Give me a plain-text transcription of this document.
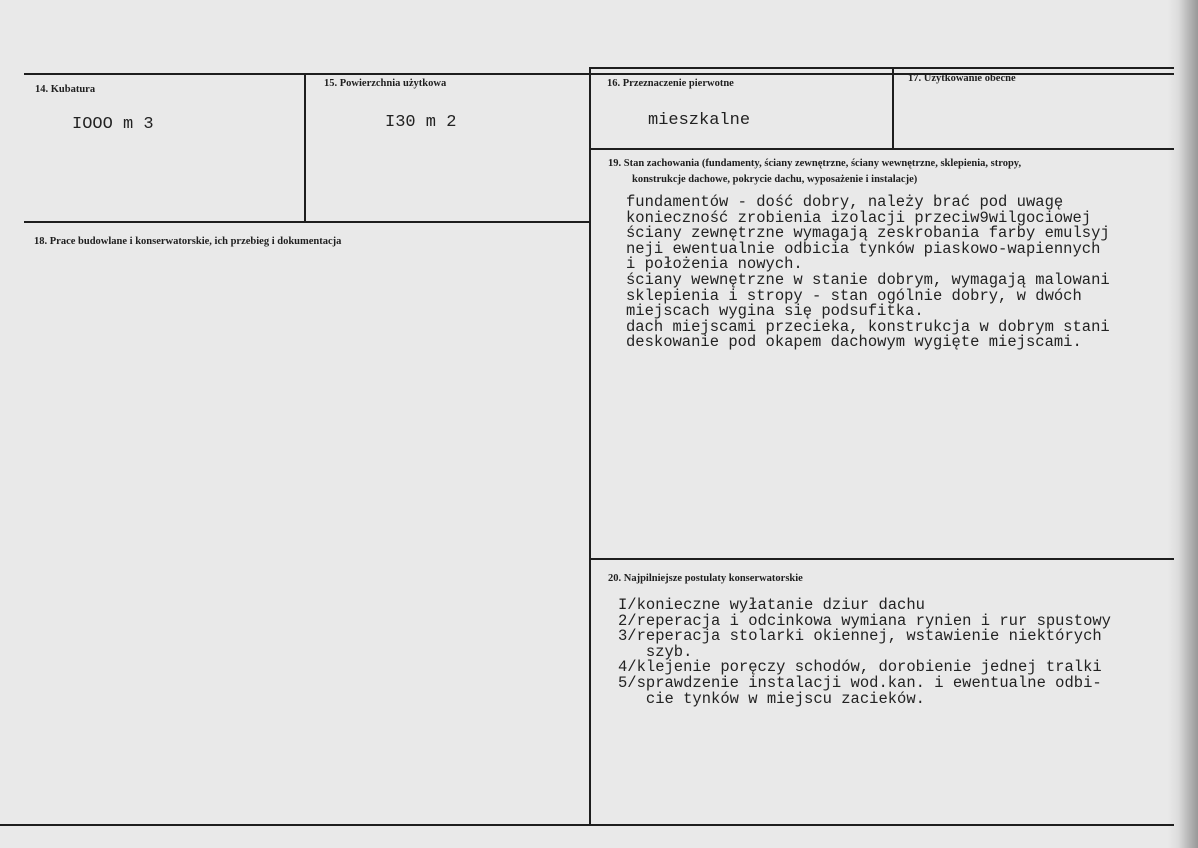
14. Kubatura
IOOO m 3
15. Powierzchnia użytkowa
I30 m 2
16. Przeznaczenie pierwotne
mieszkalne
17. Użytkowanie obecne
18. Prace budowlane i konserwatorskie, ich przebieg i dokumentacja
19. Stan zachowania (fundamenty, ściany zewnętrzne, ściany wewnętrzne, sklepienia, stropy,
konstrukcje dachowe, pokrycie dachu, wyposażenie i instalacje)
fundamentów - dość dobry, należy brać pod uwagę
konieczność zrobienia izolacji przeciw9wilgociowej
ściany zewnętrzne wymagają zeskrobania farby emulsyj
neji ewentualnie odbicia tynków piaskowo-wapiennych
i położenia nowych.
ściany wewnętrzne w stanie dobrym, wymagają malowani
sklepienia i stropy - stan ogólnie dobry, w dwóch
miejscach wygina się podsufitka.
dach miejscami przecieka, konstrukcja w dobrym stani
deskowanie pod okapem dachowym wygięte miejscami.
20. Najpilniejsze postulaty konserwatorskie
I/konieczne wyłatanie dziur dachu
2/reperacja i odcinkowa wymiana rynien i rur spustowy
3/reperacja stolarki okiennej, wstawienie niektórych
szyb.
4/klejenie poręczy schodów, dorobienie jednej tralki
5/sprawdzenie instalacji wod.kan. i ewentualne odbi-
cie tynków w miejscu zacieków.
